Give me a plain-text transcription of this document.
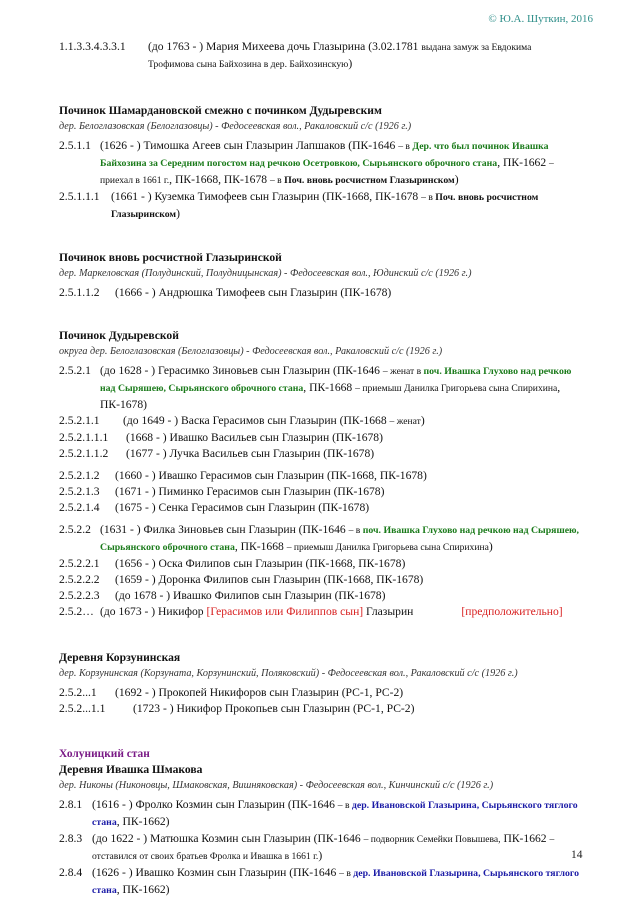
© Ю.А. Шуткин, 2016
1.1.3.3.4.3.3.1 (до 1763 - ) Мария Михеева дочь Глазырина (3.02.1781 выдана замуж за Евдокима Трофимова сына Байхозина в дер. Байхозинскую)
Починок Шамардановской смежно с починком Дудыревским
дер. Белоглазовская (Белоглазовцы) - Федосеевская вол., Ракаловский с/с (1926 г.)
2.5.1.1 (1626 - ) Тимошка Агеев сын Глазырин Лапшаков (ПК-1646 – в Дер. что был починок Ивашка Байхозина за Середним погостом над речкою Осетровкою, Сырьянского оброчного стана, ПК-1662 – приехал в 1661 г., ПК-1668, ПК-1678 – в Поч. вновь росчистном Глазыринском)
2.5.1.1.1 (1661 - ) Куземка Тимофеев сын Глазырин (ПК-1668, ПК-1678 – в Поч. вновь росчистном Глазыринском)
Починок вновь росчистной Глазыринской
дер. Маркеловская (Полудинский, Полудницынская) - Федосеевская вол., Юдинский с/с (1926 г.)
2.5.1.1.2 (1666 - ) Андрюшка Тимофеев сын Глазырин (ПК-1678)
Починок Дудыревской
округа дер. Белоглазовская (Белоглазовцы) - Федосеевская вол., Ракаловский с/с (1926 г.)
2.5.2.1 (до 1628 - ) Герасимко Зиновьев сын Глазырин (ПК-1646 – женат в поч. Ивашка Глухово над речкою над Сыряшею, Сырьянского оброчного стана, ПК-1668 – приемыш Данилка Григорьева сына Спирихина, ПК-1678)
2.5.2.1.1 (до 1649 - ) Васка Герасимов сын Глазырин (ПК-1668 – женат)
2.5.2.1.1.1 (1668 - ) Ивашко Васильев сын Глазырин (ПК-1678)
2.5.2.1.1.2 (1677 - ) Лучка Васильев сын Глазырин (ПК-1678)
2.5.2.1.2 (1660 - ) Ивашко Герасимов сын Глазырин (ПК-1668, ПК-1678)
2.5.2.1.3 (1671 - ) Пиминко Герасимов сын Глазырин (ПК-1678)
2.5.2.1.4 (1675 - ) Сенка Герасимов сын Глазырин (ПК-1678)
2.5.2.2 (1631 - ) Филка Зиновьев сын Глазырин (ПК-1646 – в поч. Ивашка Глухово над речкою над Сыряшею, Сырьянского оброчного стана, ПК-1668 – приемыш Данилка Григорьева сына Спирихина)
2.5.2.2.1 (1656 - ) Оска Филипов сын Глазырин (ПК-1668, ПК-1678)
2.5.2.2.2 (1659 - ) Доронка Филипов сын Глазырин (ПК-1668, ПК-1678)
2.5.2.2.3 (до 1678 - ) Ивашко Филипов сын Глазырин (ПК-1678)
2.5.2… (до 1673 - ) Никифор [Герасимов или Филиппов сын] Глазырин	[предположительно]
Деревня Корзунинская
дер. Корзунинская (Корзуната, Корзунинский, Поляковский) - Федосеевская вол., Ракаловский с/с (1926 г.)
2.5.2...1 (1692 - ) Прокопей Никифоров сын Глазырин (РС-1, РС-2)
2.5.2...1.1 (1723 - ) Никифор Прокопьев сын Глазырин (РС-1, РС-2)
Холуницкий стан
Деревня Ивашка Шмакова
дер. Никоны (Никоновцы, Шмаковская, Вишняковская) - Федосеевская вол., Кинчинский с/с (1926 г.)
2.8.1 (1616 - ) Фролко Козмин сын Глазырин (ПК-1646 – в дер. Ивановской Глазырина, Сырьянского тяглого стана, ПК-1662)
2.8.3 (до 1622 - ) Матюшка Козмин сын Глазырин (ПК-1646 – подворник Семейки Повышева, ПК-1662 – отставился от своих братьев Фролка и Ивашка в 1661 г.)
2.8.4 (1626 - ) Ивашко Козмин сын Глазырин (ПК-1646 – в дер. Ивановской Глазырина, Сырьянского тяглого стана, ПК-1662)
14
